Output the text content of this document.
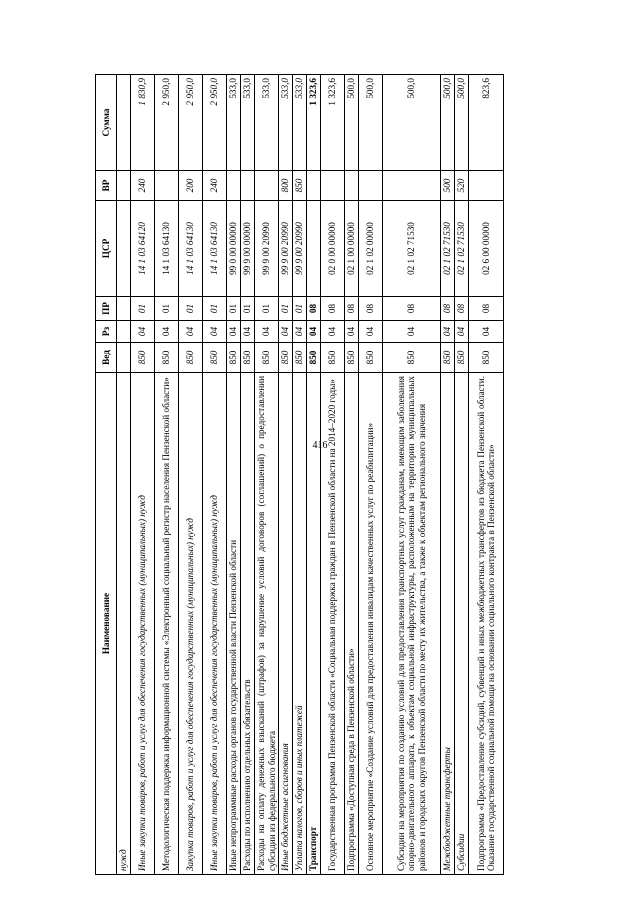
416
Наименование	Вед	Рз	ПР	ЦСР	ВР	Сумма
нужд						
Иные закупки товаров, работ и услуг для обеспечения государственных (муниципальных) нужд	850	04	01	14 1 03 64120	240	1 830,9
Методологическая поддержка информационной системы «Электронный социальный регистр населения Пензенской области»	850	04	01	14 1 03 64130		2 950,0
Закупка товаров, работ и услуг для обеспечения государственных (муниципальных) нужд	850	04	01	14 1 03 64130	200	2 950,0
Иные закупки товаров, работ и услуг для обеспечения государственных (муниципальных) нужд	850	04	01	14 1 03 64130	240	2 950,0
Иные непрограммные расходы органов государственной власти Пензенской области	850	04	01	99 0 00 00000		533,0
Расходы по исполнению отдельных обязательств	850	04	01	99 9 00 00000		533,0
Расходы на оплату денежных взысканий (штрафов) за нарушение условий договоров (соглашений) о предоставлении субсидии из федерального бюджета	850	04	01	99 9 00 20990		533,0
Иные бюджетные ассигнования	850	04	01	99 9 00 20990	800	533,0
Уплата налогов, сборов и иных платежей	850	04	01	99 9 00 20990	850	533,0
Транспорт	850	04	08			1 323,6
Государственная программа Пензенской области «Социальная поддержка граждан в Пензенской области на 2014–2020 годы»	850	04	08	02 0 00 00000		1 323,6
Подпрограмма «Доступная среда в Пензенской области»	850	04	08	02 1 00 00000		500,0
Основное мероприятие «Создание условий для предоставления инвалидам качественных услуг по реабилитации»	850	04	08	02 1 02 00000		500,0
Субсидии на мероприятия по созданию условий для предоставления транспортных услуг гражданам, имеющим заболевания опорно-двигательного аппарата, к объектам социальной инфраструктуры, расположенным на территории муниципальных районов и городских округов Пензенской области по месту их жительства, а также к объектам регионального значения	850	04	08	02 1 02 71530		500,0
Межбюджетные трансферты	850	04	08	02 1 02 71530	500	500,0
Субсидии	850	04	08	02 1 02 71530	520	500,0
Подпрограмма «Предоставление субсидий, субвенций и иных межбюджетных трансфертов из бюджета Пензенской области. Оказание государственной социальной помощи на основании социального контракта в Пензенской области»	850	04	08	02 6 00 00000		823,6
